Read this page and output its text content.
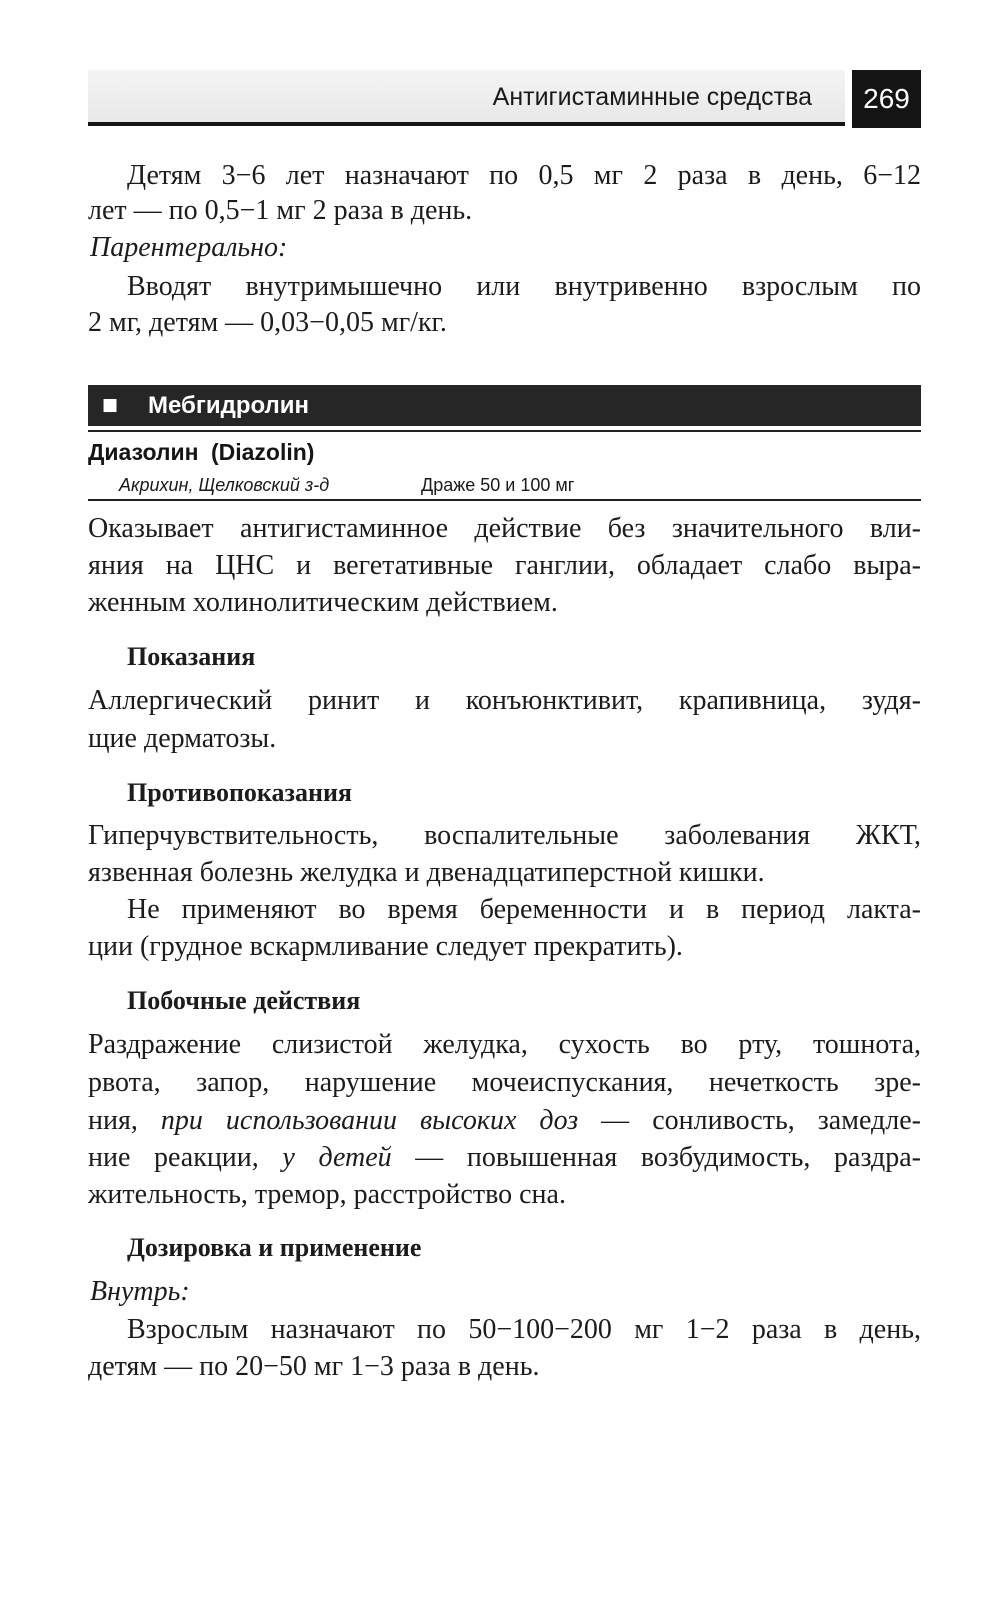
Антигистаминные средства	269
Детям 3−6 лет назначают по 0,5 мг 2 раза в день, 6−12
лет — по 0,5−1 мг 2 раза в день.
Парентерально:
Вводят внутримышечно или внутривенно взрослым по
2 мг, детям — 0,03−0,05 мг/кг.
■ Мебгидролин
Диазолин (Diazolin)
Акрихин, Щелковский з-д	Драже 50 и 100 мг
Оказывает антигистаминное действие без значительного вли-
яния на ЦНС и вегетативные ганглии, обладает слабо выра-
женным холинолитическим действием.
Показания
Аллергический ринит и конъюнктивит, крапивница, зудя-
щие дерматозы.
Противопоказания
Гиперчувствительность, воспалительные заболевания ЖКТ,
язвенная болезнь желудка и двенадцатиперстной кишки.
Не применяют во время беременности и в период лакта-
ции (грудное вскармливание следует прекратить).
Побочные действия
Раздражение слизистой желудка, сухость во рту, тошнота,
рвота, запор, нарушение мочеиспускания, нечеткость зре-
ния, при использовании высоких доз — сонливость, замедле-
ние реакции, у детей — повышенная возбудимость, раздра-
жительность, тремор, расстройство сна.
Дозировка и применение
Внутрь:
Взрослым назначают по 50−100−200 мг 1−2 раза в день,
детям — по 20−50 мг 1−3 раза в день.
